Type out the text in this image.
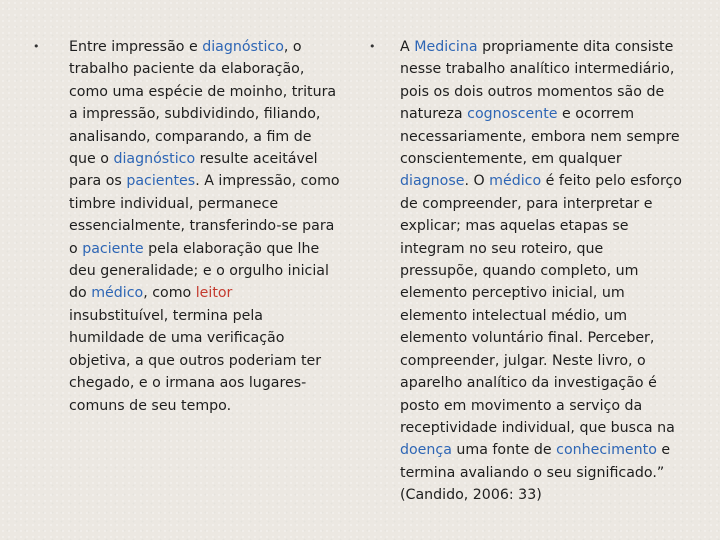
• Entre impressão e diagnóstico, o
trabalho paciente da elaboração,
como uma espécie de moinho, tritura
a impressão, subdividindo, filiando,
analisando, comparando, a fim de
que o diagnóstico resulte aceitável
para os pacientes. A impressão, como
timbre individual, permanece
essencialmente, transferindo-se para
o paciente pela elaboração que lhe
deu generalidade; e o orgulho inicial
do médico, como leitor
insubstituível, termina pela
humildade de uma verificação
objetiva, a que outros poderiam ter
chegado, e o irmana aos lugares-
comuns de seu tempo.
• A Medicina propriamente dita consiste
nesse trabalho analítico intermediário,
pois os dois outros momentos são de
natureza cognoscente e ocorrem
necessariamente, embora nem sempre
conscientemente, em qualquer
diagnose. O médico é feito pelo esforço
de compreender, para interpretar e
explicar; mas aquelas etapas se
integram no seu roteiro, que
pressupõe, quando completo, um
elemento perceptivo inicial, um
elemento intelectual médio, um
elemento voluntário final. Perceber,
compreender, julgar. Neste livro, o
aparelho analítico da investigação é
posto em movimento a serviço da
receptividade individual, que busca na
doença uma fonte de conhecimento e
termina avaliando o seu significado.”
(Candido, 2006: 33)
